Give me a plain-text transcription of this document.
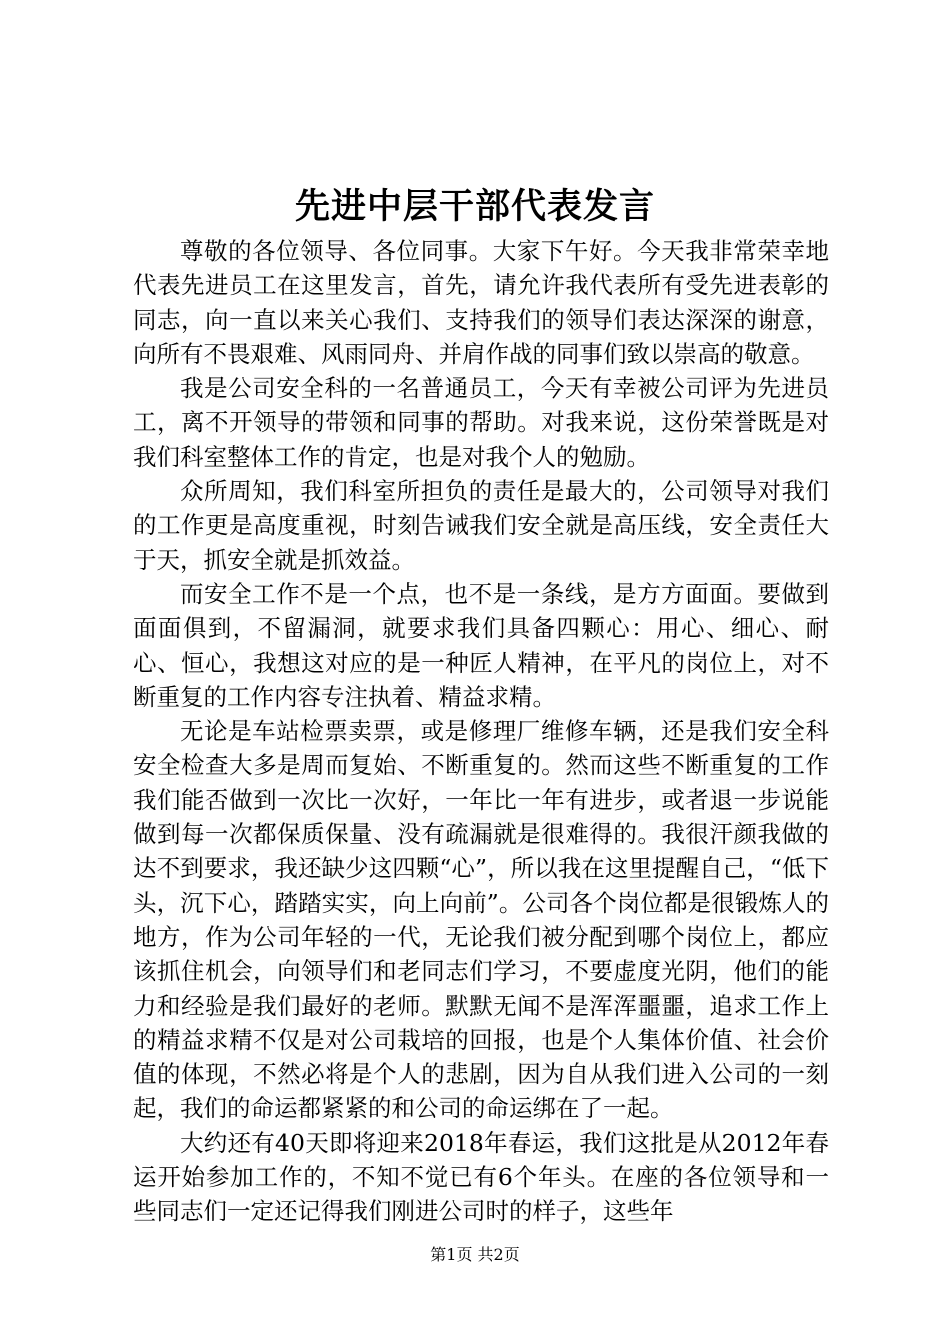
先进中层干部代表发言

尊敬的各位领导、各位同事。大家下午好。今天我非常荣幸地代表先进员工在这里发言，首先，请允许我代表所有受先进表彰的同志，向一直以来关心我们、支持我们的领导们表达深深的谢意，向所有不畏艰难、风雨同舟、并肩作战的同事们致以崇高的敬意。

我是公司安全科的一名普通员工，今天有幸被公司评为先进员工，离不开领导的带领和同事的帮助。对我来说，这份荣誉既是对我们科室整体工作的肯定，也是对我个人的勉励。

众所周知，我们科室所担负的责任是最大的，公司领导对我们的工作更是高度重视，时刻告诫我们安全就是高压线，安全责任大于天，抓安全就是抓效益。

而安全工作不是一个点，也不是一条线，是方方面面。要做到面面俱到，不留漏洞，就要求我们具备四颗心：用心、细心、耐心、恒心，我想这对应的是一种匠人精神，在平凡的岗位上，对不断重复的工作内容专注执着、精益求精。

无论是车站检票卖票，或是修理厂维修车辆，还是我们安全科安全检查大多是周而复始、不断重复的。然而这些不断重复的工作我们能否做到一次比一次好，一年比一年有进步，或者退一步说能做到每一次都保质保量、没有疏漏就是很难得的。我很汗颜我做的达不到要求，我还缺少这四颗“心”，所以我在这里提醒自己，“低下头，沉下心，踏踏实实，向上向前”。公司各个岗位都是很锻炼人的地方，作为公司年轻的一代，无论我们被分配到哪个岗位上，都应该抓住机会，向领导们和老同志们学习，不要虚度光阴，他们的能力和经验是我们最好的老师。默默无闻不是浑浑噩噩，追求工作上的精益求精不仅是对公司栽培的回报，也是个人集体价值、社会价值的体现，不然必将是个人的悲剧，因为自从我们进入公司的一刻起，我们的命运都紧紧的和公司的命运绑在了一起。

大约还有40天即将迎来2018年春运，我们这批是从2012年春运开始参加工作的，不知不觉已有6个年头。在座的各位领导和一些同志们一定还记得我们刚进公司时的样子，这些年

第1页 共2页
